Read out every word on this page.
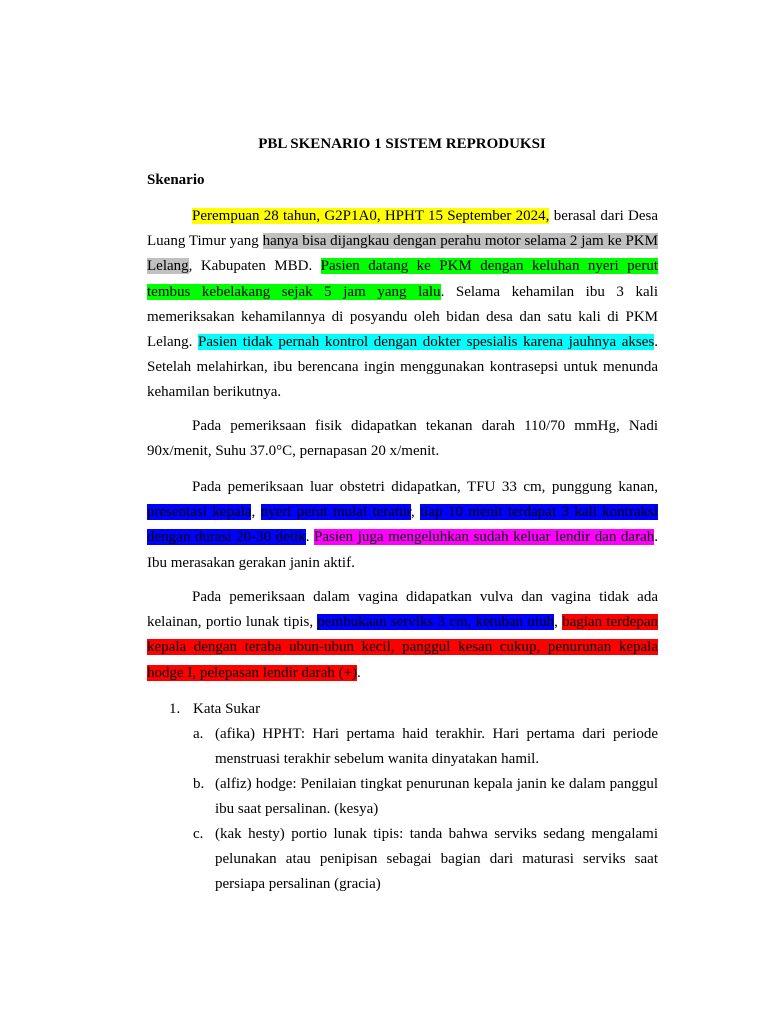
PBL SKENARIO 1 SISTEM REPRODUKSI
Skenario

Perempuan 28 tahun, G2P1A0, HPHT 15 September 2024, berasal dari Desa Luang Timur yang hanya bisa dijangkau dengan perahu motor selama 2 jam ke PKM Lelang, Kabupaten MBD. Pasien datang ke PKM dengan keluhan nyeri perut tembus kebelakang sejak 5 jam yang lalu. Selama kehamilan ibu 3 kali memeriksakan kehamilannya di posyandu oleh bidan desa dan satu kali di PKM Lelang. Pasien tidak pernah kontrol dengan dokter spesialis karena jauhnya akses. Setelah melahirkan, ibu berencana ingin menggunakan kontrasepsi untuk menunda kehamilan berikutnya.

Pada pemeriksaan fisik didapatkan tekanan darah 110/70 mmHg, Nadi 90x/menit, Suhu 37.0°C, pernapasan 20 x/menit.

Pada pemeriksaan luar obstetri didapatkan, TFU 33 cm, punggung kanan, presentasi kepala, nyeri perut mulai teratur, tiap 10 menit terdapat 3 kali kontraksi dengan durasi 20-30 detik. Pasien juga mengeluhkan sudah keluar lendir dan darah. Ibu merasakan gerakan janin aktif.

Pada pemeriksaan dalam vagina didapatkan vulva dan vagina tidak ada kelainan, portio lunak tipis, pembukaan serviks 3 cm, ketuban utuh, bagian terdepan kepala dengan teraba ubun-ubun kecil, panggul kesan cukup, penurunan kepala hodge I, pelepasan lendir darah (+).

1. Kata Sukar
a. (afika) HPHT: Hari pertama haid terakhir. Hari pertama dari periode menstruasi terakhir sebelum wanita dinyatakan hamil.
b. (alfiz) hodge: Penilaian tingkat penurunan kepala janin ke dalam panggul ibu saat persalinan. (kesya)
c. (kak hesty) portio lunak tipis: tanda bahwa serviks sedang mengalami pelunakan atau penipisan sebagai bagian dari maturasi serviks saat persiapa persalinan (gracia)
